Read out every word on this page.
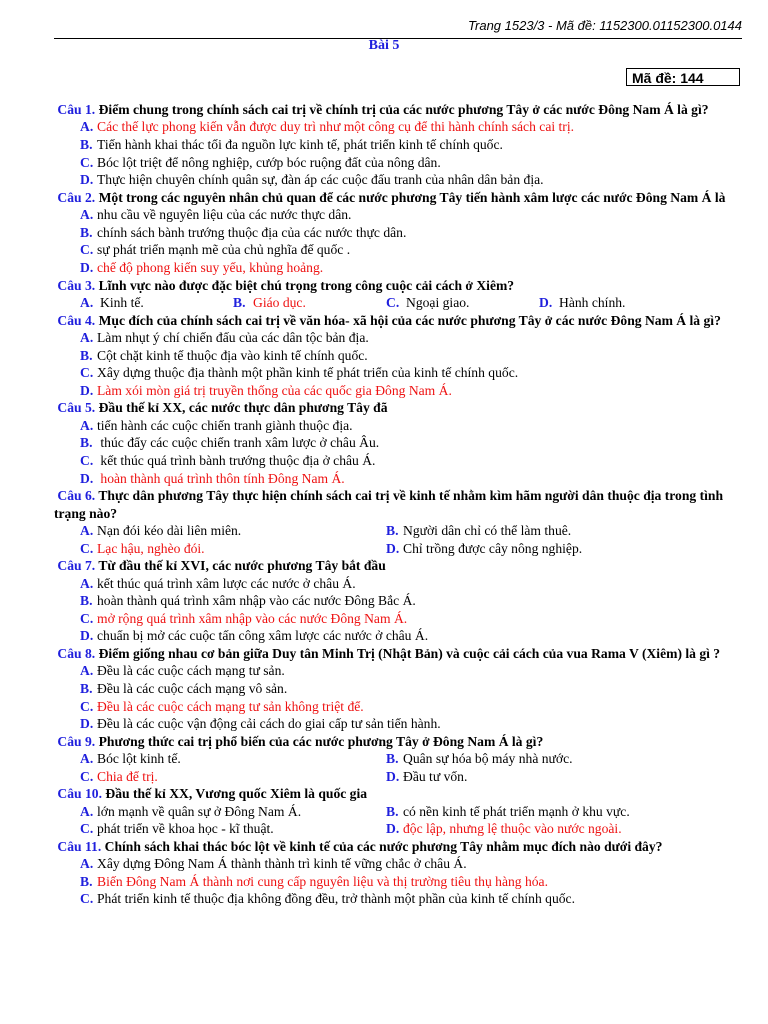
Trang 1523/3 - Mã đề: 1152300.01152300.0144
Bài 5
Mã đề: 144
Câu 1. Điểm chung trong chính sách cai trị về chính trị của các nước phương Tây ở các nước Đông Nam Á là gì?
A. Các thế lực phong kiến vẫn được duy trì như một công cụ để thi hành chính sách cai trị.
B. Tiến hành khai thác tối đa nguồn lực kinh tế, phát triển kinh tế chính quốc.
C. Bóc lột triệt để nông nghiệp, cướp bóc ruộng đất của nông dân.
D. Thực hiện chuyên chính quân sự, đàn áp các cuộc đấu tranh của nhân dân bản địa.
Câu 2. Một trong các nguyên nhân chủ quan để các nước phương Tây tiến hành xâm lược các nước Đông Nam Á là
A. nhu cầu về nguyên liệu của các nước thực dân.
B. chính sách bành trướng thuộc địa của các nước thực dân.
C. sự phát triển mạnh mẽ của chủ nghĩa đế quốc .
D. chế độ phong kiến suy yếu, khủng hoảng.
Câu 3. Lĩnh vực nào được đặc biệt chú trọng trong công cuộc cải cách ở Xiêm?
A. Kinh tế.	B. Giáo dục.	C. Ngoại giao.	D. Hành chính.
Câu 4. Mục đích của chính sách cai trị về văn hóa- xã hội của các nước phương Tây ở các nước Đông Nam Á là gì?
A. Làm nhụt ý chí chiến đấu của các dân tộc bản địa.
B. Cột chặt kinh tế thuộc địa vào kinh tế chính quốc.
C. Xây dựng thuộc địa thành một phần kinh tế phát triển của kinh tế chính quốc.
D. Làm xói mòn giá trị truyền thống của các quốc gia Đông Nam Á.
Câu 5. Đầu thế kỉ XX, các nước thực dân phương Tây đã
A. tiến hành các cuộc chiến tranh giành thuộc địa.
B. thúc đẩy các cuộc chiến tranh xâm lược ở châu Âu.
C. kết thúc quá trình bành trướng thuộc địa ở châu Á.
D. hoàn thành quá trình thôn tính Đông Nam Á.
Câu 6. Thực dân phương Tây thực hiện chính sách cai trị về kinh tế nhằm kìm hãm người dân thuộc địa trong tình trạng nào?
A. Nạn đói kéo dài liên miên.	B. Người dân chỉ có thể làm thuê.
C. Lạc hậu, nghèo đói.	D. Chỉ trồng được cây nông nghiệp.
Câu 7. Từ đầu thế kỉ XVI, các nước phương Tây bắt đầu
A. kết thúc quá trình xâm lược các nước ở châu Á.
B. hoàn thành quá trình xâm nhập vào các nước Đông Bắc Á.
C. mở rộng quá trình xâm nhập vào các nước Đông Nam Á.
D. chuẩn bị mở các cuộc tấn công xâm lược các nước ở châu Á.
Câu 8. Điểm giống nhau cơ bản giữa Duy tân Minh Trị (Nhật Bản) và cuộc cải cách của vua Rama V (Xiêm) là gì ?
A. Đều là các cuộc cách mạng tư sản.
B. Đều là các cuộc cách mạng vô sản.
C. Đều là các cuộc cách mạng tư sản không triệt để.
D. Đều là các cuộc vận động cải cách do giai cấp tư sản tiến hành.
Câu 9. Phương thức cai trị phổ biến của các nước phương Tây ở Đông Nam Á là gì?
A. Bóc lột kinh tế.	B. Quân sự hóa bộ máy nhà nước.
C. Chia để trị.	D. Đầu tư vốn.
Câu 10. Đầu thế kỉ XX, Vương quốc Xiêm là quốc gia
A. lớn mạnh về quân sự ở Đông Nam Á.	B. có nền kinh tế phát triển mạnh ở khu vực.
C. phát triển về khoa học - kĩ thuật.	D. độc lập, nhưng lệ thuộc vào nước ngoài.
Câu 11. Chính sách khai thác bóc lột về kinh tế của các nước phương Tây nhằm mục đích nào dưới đây?
A. Xây dựng Đông Nam Á thành thành trì kinh tế vững chắc ở châu Á.
B. Biến Đông Nam Á thành nơi cung cấp nguyên liệu và thị trường tiêu thụ hàng hóa.
C. Phát triển kinh tế thuộc địa không đồng đều, trở thành một phần của kinh tế chính quốc.
